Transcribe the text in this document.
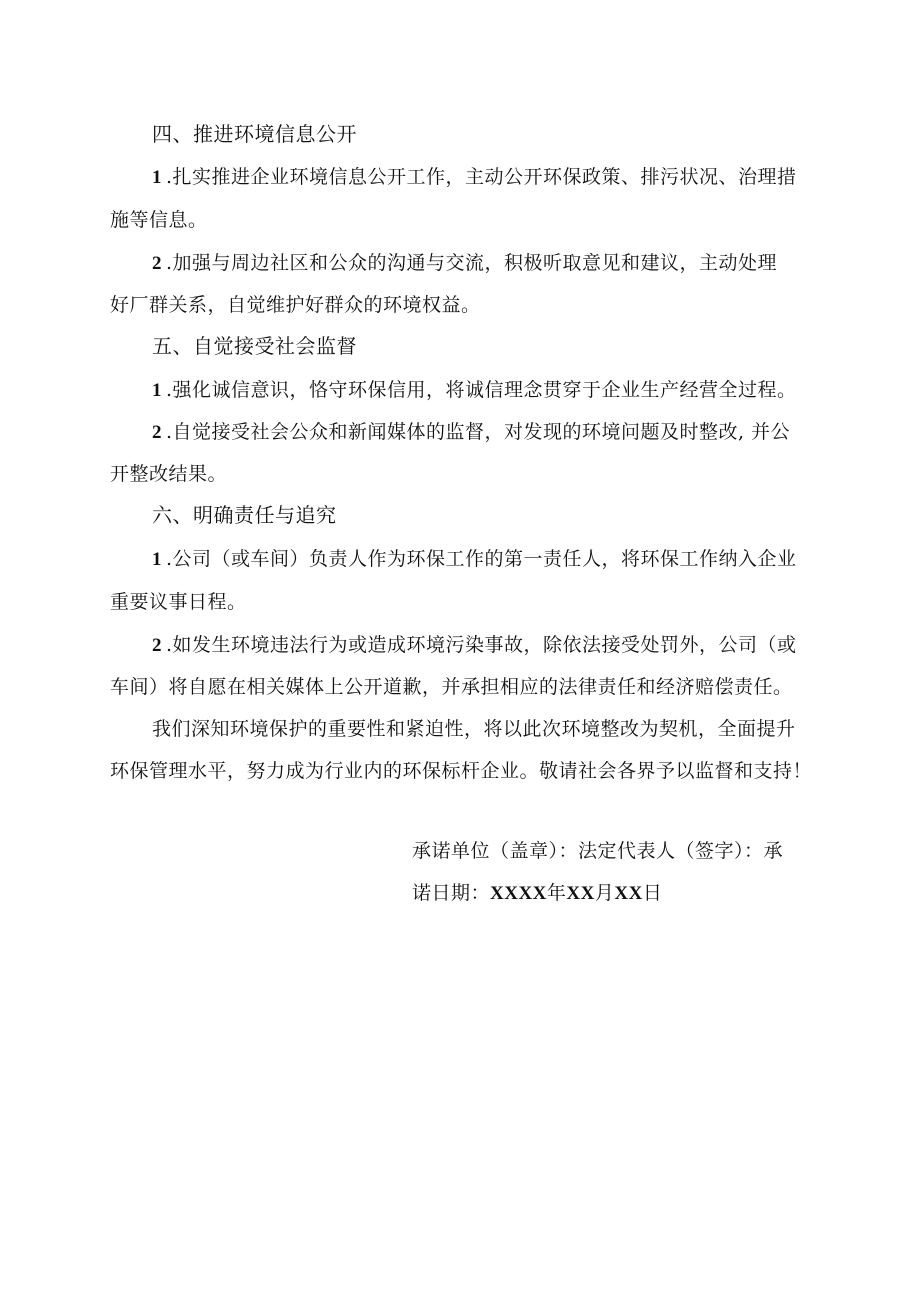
四、推进环境信息公开
1 .扎实推进企业环境信息公开工作，主动公开环保政策、排污状况、治理措
施等信息。
2 .加强与周边社区和公众的沟通与交流，积极听取意见和建议，主动处理
好厂群关系，自觉维护好群众的环境权益。
五、自觉接受社会监督
1 .强化诚信意识，恪守环保信用，将诚信理念贯穿于企业生产经营全过程。
2 .自觉接受社会公众和新闻媒体的监督，对发现的环境问题及时整改, 并公
开整改结果。
六、明确责任与追究
1 .公司（或车间）负责人作为环保工作的第一责任人，将环保工作纳入企业
重要议事日程。
2 .如发生环境违法行为或造成环境污染事故，除依法接受处罚外，公司（或
车间）将自愿在相关媒体上公开道歉，并承担相应的法律责任和经济赔偿责任。
我们深知环境保护的重要性和紧迫性，将以此次环境整改为契机，全面提升
环保管理水平，努力成为行业内的环保标杆企业。敬请社会各界予以监督和支持！
承诺单位（盖章）：法定代表人（签字）：承
诺日期：XXXX年XX月XX日
